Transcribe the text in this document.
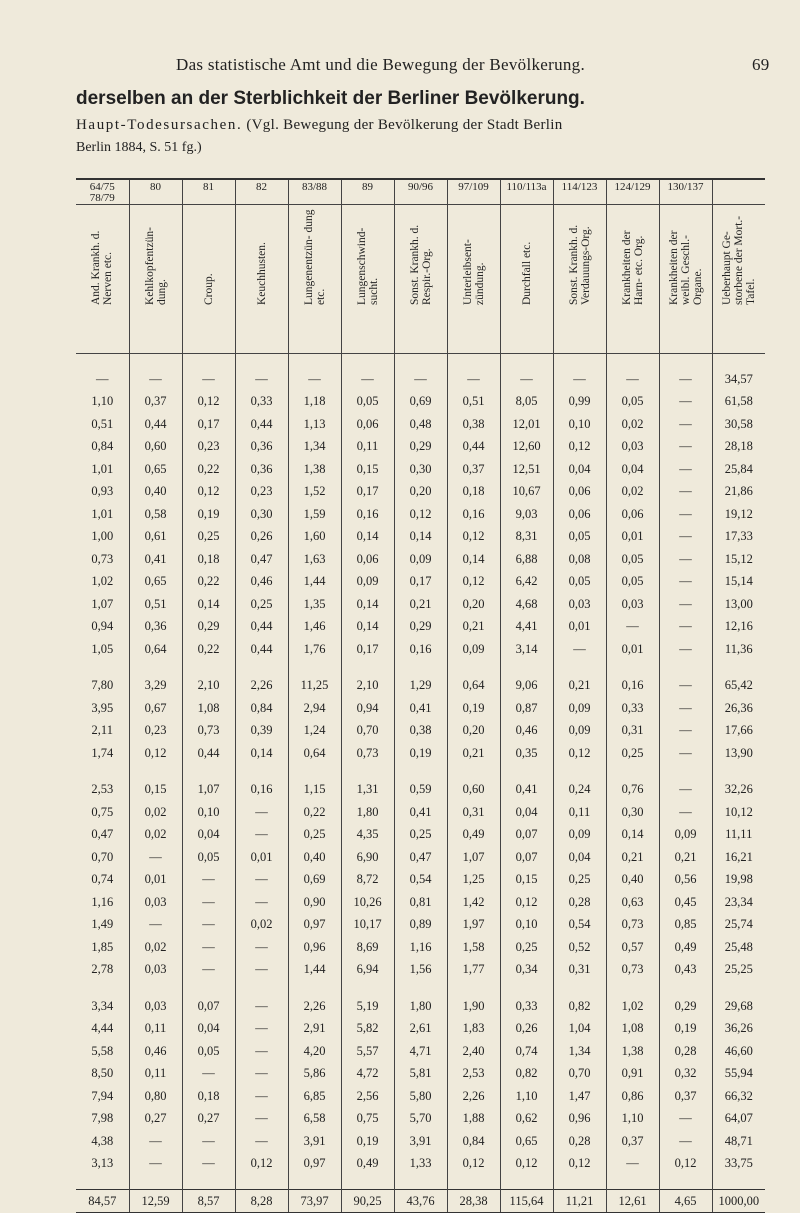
Das statistische Amt und die Bewegung der Bevölkerung.	69
derselben an der Sterblichkeit der Berliner Bevölkerung.
Haupt-Todesursachen. (Vgl. Bewegung der Bevölkerung der Stadt Berlin
Berlin 1884, S. 51 fg.)
64/75 78/79	80	81	82	83/88	89	90/96	97/109	110/113a	114/123	124/129	130/137	

And. Krankh. d. Nerven etc.	Kehlkopfentzün- dung.	Croup.	Keuchhusten.	Lungenentzün- dung etc.	Lungenschwind- sucht.	Sonst. Krankh. d. Respir.-Org.	Unterleibsent- zündung.	Durchfall etc.	Sonst. Krankh. d. Verdauungs-Org.	Krankheiten der Harn- etc. Org.	Krankheiten der weibl. Geschl.- Organe.	Ueberhaupt Ge- storbene der Mort.-Tafel.

—	—	—	—	—	—	—	—	—	—	—	—	34,57
1,10	0,37	0,12	0,33	1,18	0,05	0,69	0,51	8,05	0,99	0,05	—	61,58
0,51	0,44	0,17	0,44	1,13	0,06	0,48	0,38	12,01	0,10	0,02	—	30,58
0,84	0,60	0,23	0,36	1,34	0,11	0,29	0,44	12,60	0,12	0,03	—	28,18
1,01	0,65	0,22	0,36	1,38	0,15	0,30	0,37	12,51	0,04	0,04	—	25,84
0,93	0,40	0,12	0,23	1,52	0,17	0,20	0,18	10,67	0,06	0,02	—	21,86
1,01	0,58	0,19	0,30	1,59	0,16	0,12	0,16	9,03	0,06	0,06	—	19,12
1,00	0,61	0,25	0,26	1,60	0,14	0,14	0,12	8,31	0,05	0,01	—	17,33
0,73	0,41	0,18	0,47	1,63	0,06	0,09	0,14	6,88	0,08	0,05	—	15,12
1,02	0,65	0,22	0,46	1,44	0,09	0,17	0,12	6,42	0,05	0,05	—	15,14
1,07	0,51	0,14	0,25	1,35	0,14	0,21	0,20	4,68	0,03	0,03	—	13,00
0,94	0,36	0,29	0,44	1,46	0,14	0,29	0,21	4,41	0,01	—	—	12,16
1,05	0,64	0,22	0,44	1,76	0,17	0,16	0,09	3,14	—	0,01	—	11,36

7,80	3,29	2,10	2,26	11,25	2,10	1,29	0,64	9,06	0,21	0,16	—	65,42
3,95	0,67	1,08	0,84	2,94	0,94	0,41	0,19	0,87	0,09	0,33	—	26,36
2,11	0,23	0,73	0,39	1,24	0,70	0,38	0,20	0,46	0,09	0,31	—	17,66
1,74	0,12	0,44	0,14	0,64	0,73	0,19	0,21	0,35	0,12	0,25	—	13,90

2,53	0,15	1,07	0,16	1,15	1,31	0,59	0,60	0,41	0,24	0,76	—	32,26
0,75	0,02	0,10	—	0,22	1,80	0,41	0,31	0,04	0,11	0,30	—	10,12
0,47	0,02	0,04	—	0,25	4,35	0,25	0,49	0,07	0,09	0,14	0,09	11,11
0,70	—	0,05	0,01	0,40	6,90	0,47	1,07	0,07	0,04	0,21	0,21	16,21
0,74	0,01	—	—	0,69	8,72	0,54	1,25	0,15	0,25	0,40	0,56	19,98
1,16	0,03	—	—	0,90	10,26	0,81	1,42	0,12	0,28	0,63	0,45	23,34
1,49	—	—	0,02	0,97	10,17	0,89	1,97	0,10	0,54	0,73	0,85	25,74
1,85	0,02	—	—	0,96	8,69	1,16	1,58	0,25	0,52	0,57	0,49	25,48
2,78	0,03	—	—	1,44	6,94	1,56	1,77	0,34	0,31	0,73	0,43	25,25

3,34	0,03	0,07	—	2,26	5,19	1,80	1,90	0,33	0,82	1,02	0,29	29,68
4,44	0,11	0,04	—	2,91	5,82	2,61	1,83	0,26	1,04	1,08	0,19	36,26
5,58	0,46	0,05	—	4,20	5,57	4,71	2,40	0,74	1,34	1,38	0,28	46,60
8,50	0,11	—	—	5,86	4,72	5,81	2,53	0,82	0,70	0,91	0,32	55,94
7,94	0,80	0,18	—	6,85	2,56	5,80	2,26	1,10	1,47	0,86	0,37	66,32
7,98	0,27	0,27	—	6,58	0,75	5,70	1,88	0,62	0,96	1,10	—	64,07
4,38	—	—	—	3,91	0,19	3,91	0,84	0,65	0,28	0,37	—	48,71
3,13	—	—	0,12	0,97	0,49	1,33	0,12	0,12	0,12	—	0,12	33,75

84,57	12,59	8,57	8,28	73,97	90,25	43,76	28,38	115,64	11,21	12,61	4,65	1000,00
